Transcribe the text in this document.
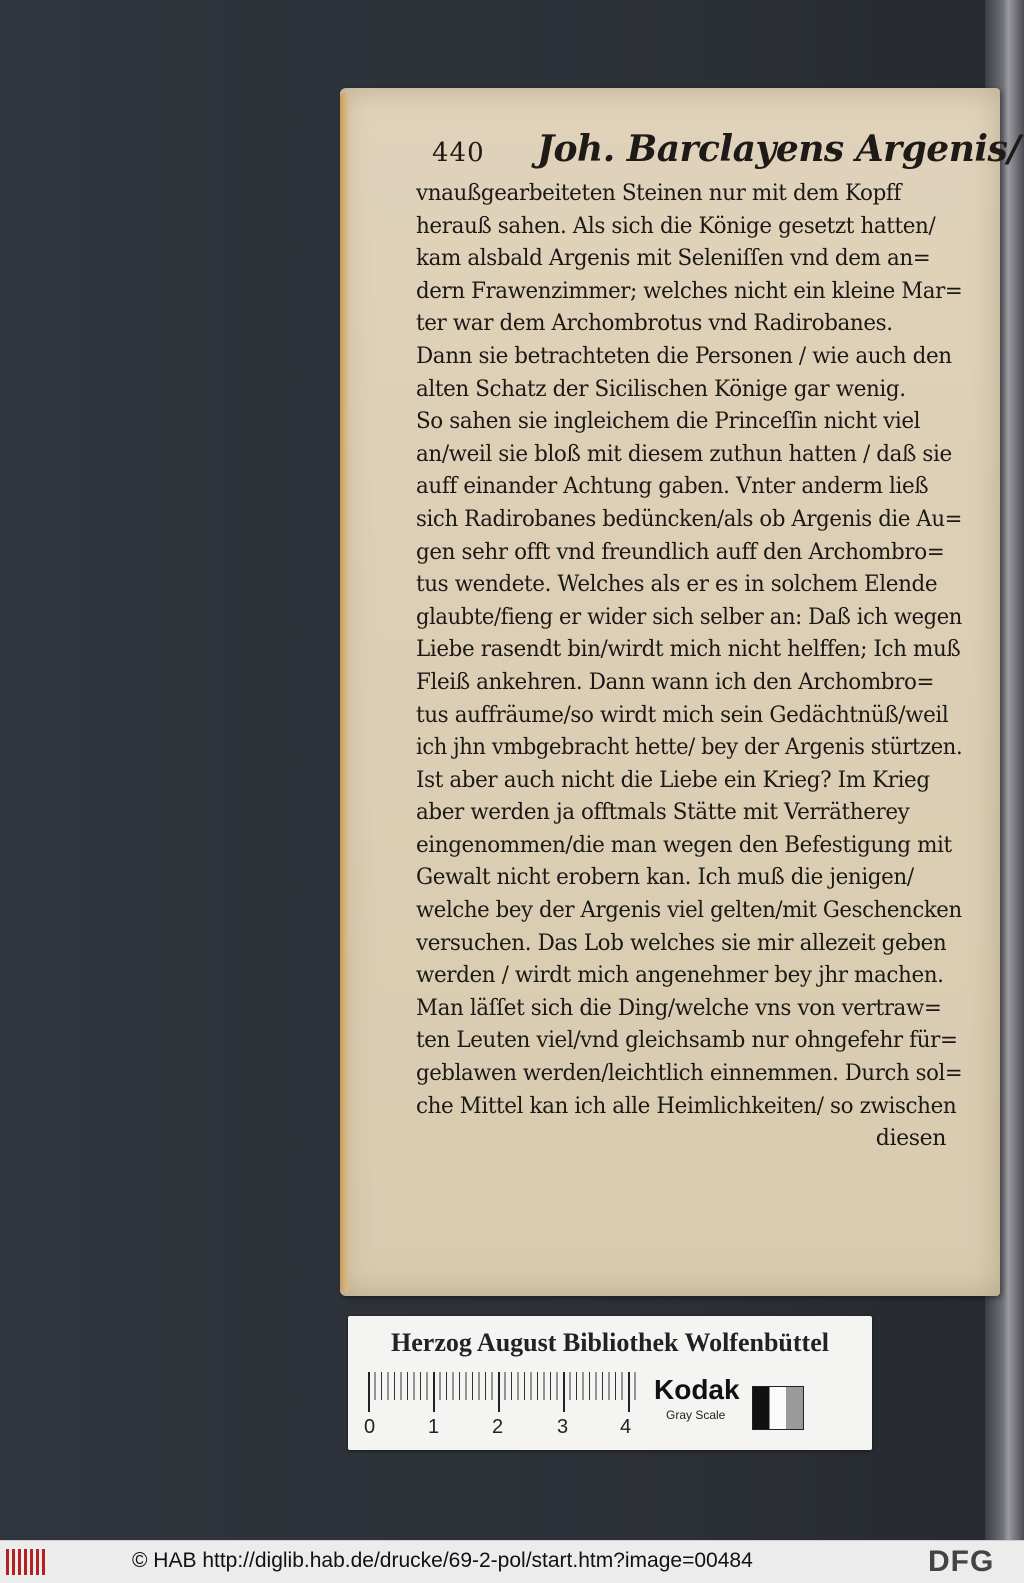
440 Joh. Barclayens Argenis/
vnaußgearbeiteten Steinen nur mit dem Kopff
herauß sahen. Als sich die Könige gesetzt hatten/
kam alsbald Argenis mit Seleniſſen vnd dem an=
dern Frawenzimmer; welches nicht ein kleine Mar=
ter war dem Archombrotus vnd Radirobanes.
Dann sie betrachteten die Personen / wie auch den
alten Schatz der Sicilischen Könige gar wenig.
So sahen sie ingleichem die Princeſſin nicht viel
an/weil sie bloß mit diesem zuthun hatten / daß sie
auff einander Achtung gaben. Vnter anderm ließ
sich Radirobanes bedüncken/als ob Argenis die Au=
gen sehr offt vnd freundlich auff den Archombro=
tus wendete. Welches als er es in solchem Elende
glaubte/fieng er wider sich selber an: Daß ich wegen
Liebe rasendt bin/wirdt mich nicht helffen; Ich muß
Fleiß ankehren. Dann wann ich den Archombro=
tus auffräume/so wirdt mich sein Gedächtnüß/weil
ich jhn vmbgebracht hette/ bey der Argenis stürtzen.
Ist aber auch nicht die Liebe ein Krieg? Im Krieg
aber werden ja offtmals Stätte mit Verrätherey
eingenommen/die man wegen den Befestigung mit
Gewalt nicht erobern kan. Ich muß die jenigen/
welche bey der Argenis viel gelten/mit Geschencken
versuchen. Das Lob welches sie mir allezeit geben
werden / wirdt mich angenehmer bey jhr machen.
Man läſſet sich die Ding/welche vns von vertraw=
ten Leuten viel/vnd gleichsamb nur ohngefehr für=
geblawen werden/leichtlich einnemmen. Durch sol=
che Mittel kan ich alle Heimlichkeiten/ so zwischen
diesen
Herzog August Bibliothek Wolfenbüttel
0	1	2	3	4
Kodak
Gray Scale
© HAB http://diglib.hab.de/drucke/69-2-pol/start.htm?image=00484	DFG
